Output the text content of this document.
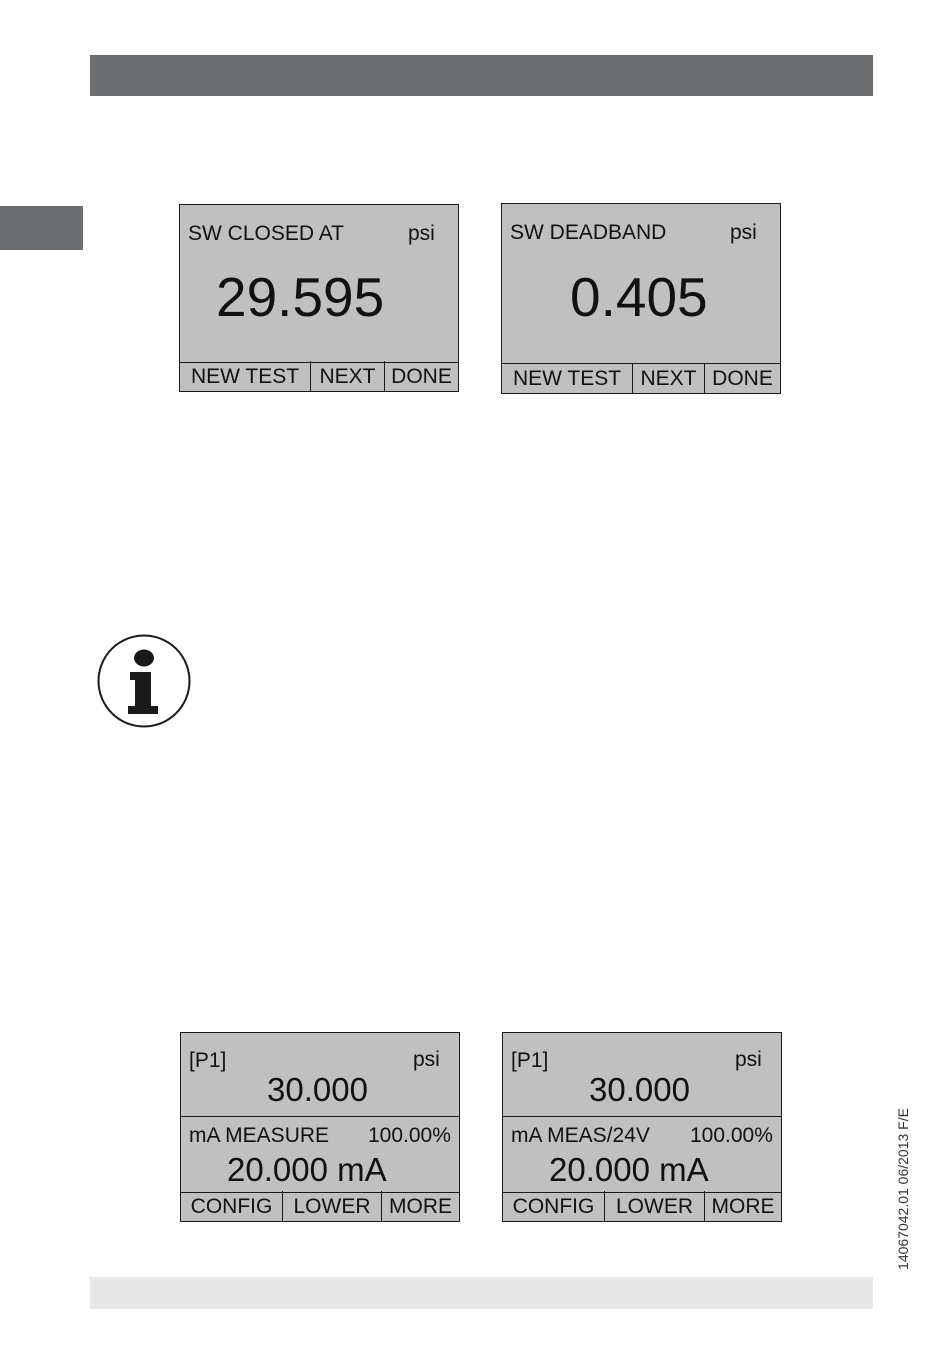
SW CLOSED AT	psi
29.595
NEW TEST NEXT DONE
SW DEADBAND	psi
0.405
NEW TEST NEXT DONE
[P1]	psi
30.000
mA MEASURE 100.00%
20.000 mA
CONFIG	LOWER MORE
[P1]	psi
30.000
mA MEAS/24V 100.00%
20.000 mA
CONFIG	LOWER MORE	14067042.01 06/2013 F/E
